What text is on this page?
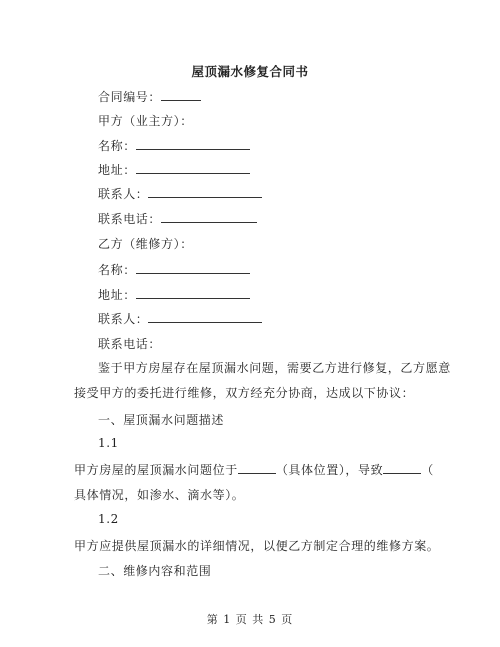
屋顶漏水修复合同书
合同编号：
甲方（业主方）：
名称：
地址：
联系人：
联系电话：
乙方（维修方）：
名称：
地址：
联系人：
联系电话：
鉴于甲方房屋存在屋顶漏水问题，需要乙方进行修复，乙方愿意
接受甲方的委托进行维修，双方经充分协商，达成以下协议：
一、屋顶漏水问题描述
1.1
甲方房屋的屋顶漏水问题位于	（具体位置），导致	（
具体情况，如渗水、滴水等）。
1.2
甲方应提供屋顶漏水的详细情况，以便乙方制定合理的维修方案。
二、维修内容和范围
第 1 页 共 5 页
